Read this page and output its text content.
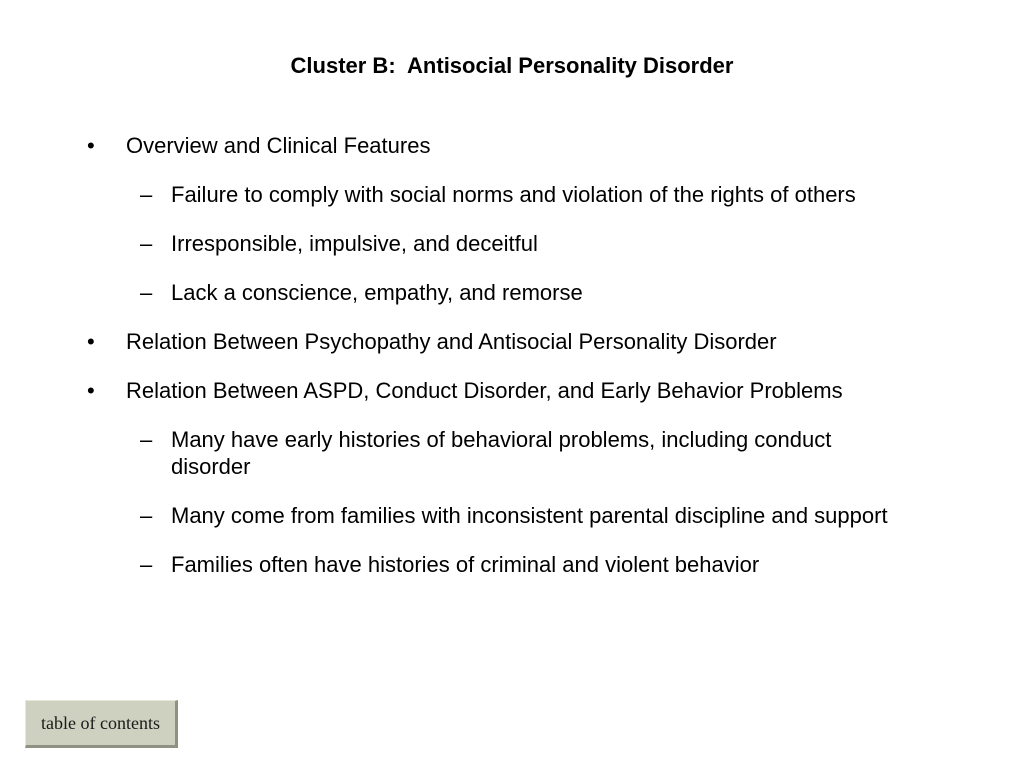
Cluster B:  Antisocial Personality Disorder
• Overview and Clinical Features
– Failure to comply with social norms and violation of the rights of others
– Irresponsible, impulsive, and deceitful
– Lack a conscience, empathy, and remorse
• Relation Between Psychopathy and Antisocial Personality Disorder
• Relation Between ASPD, Conduct Disorder, and Early Behavior Problems
– Many have early histories of behavioral problems, including conduct disorder
– Many come from families with inconsistent parental discipline and support
– Families often have histories of criminal and violent behavior
table of contents
